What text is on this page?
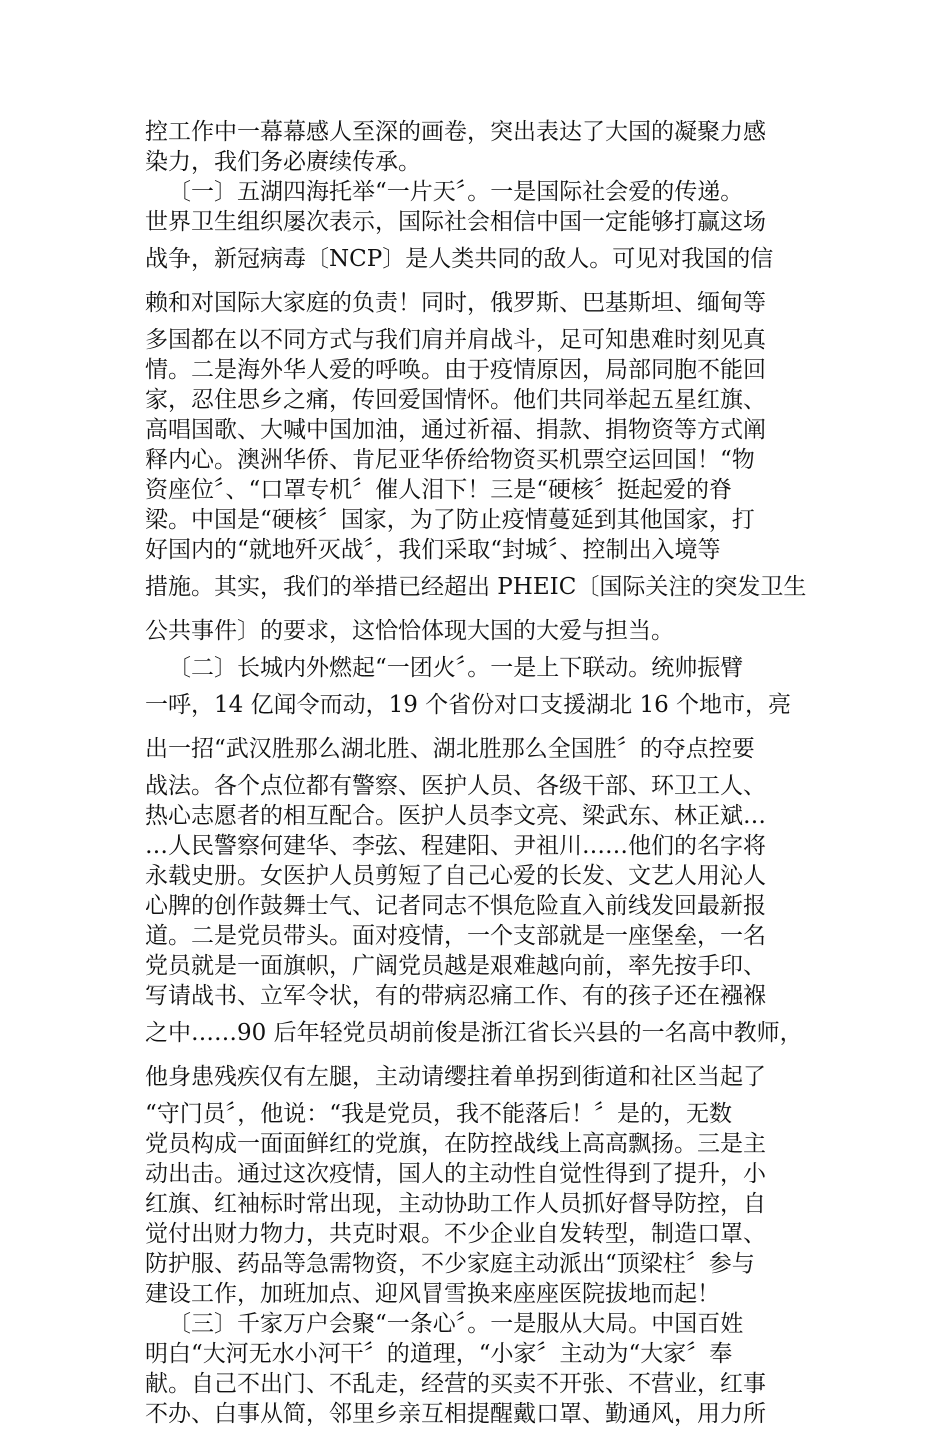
控工作中一幕幕感人至深的画卷，突出表达了大国的凝聚力感
染力，我们务必赓续传承。
〔一〕五湖四海托举“一片天〞。一是国际社会爱的传递。
世界卫生组织屡次表示，国际社会相信中国一定能够打赢这场
战争，新冠病毒〔NCP〕是人类共同的敌人。可见对我国的信
赖和对国际大家庭的负责！同时，俄罗斯、巴基斯坦、缅甸等
多国都在以不同方式与我们肩并肩战斗，足可知患难时刻见真
情。二是海外华人爱的呼唤。由于疫情原因，局部同胞不能回
家，忍住思乡之痛，传回爱国情怀。他们共同举起五星红旗、
高唱国歌、大喊中国加油，通过祈福、捐款、捐物资等方式阐
释内心。澳洲华侨、肯尼亚华侨给物资买机票空运回国！“物
资座位〞、“口罩专机〞催人泪下！三是“硬核〞挺起爱的脊
梁。中国是“硬核〞国家，为了防止疫情蔓延到其他国家，打
好国内的“就地歼灭战〞，我们采取“封城〞、控制出入境等
措施。其实，我们的举措已经超出 PHEIC〔国际关注的突发卫生
公共事件〕的要求，这恰恰体现大国的大爱与担当。
〔二〕长城内外燃起“一团火〞。一是上下联动。统帅振臂
一呼，14 亿闻令而动，19 个省份对口支援湖北 16 个地市，亮
出一招“武汉胜那么湖北胜、湖北胜那么全国胜〞的夺点控要
战法。各个点位都有警察、医护人员、各级干部、环卫工人、
热心志愿者的相互配合。医护人员李文亮、梁武东、林正斌…
…人民警察何建华、李弦、程建阳、尹祖川……他们的名字将
永载史册。女医护人员剪短了自己心爱的长发、文艺人用沁人
心脾的创作鼓舞士气、记者同志不惧危险直入前线发回最新报
道。二是党员带头。面对疫情，一个支部就是一座堡垒，一名
党员就是一面旗帜，广阔党员越是艰难越向前，率先按手印、
写请战书、立军令状，有的带病忍痛工作、有的孩子还在襁褓
之中……90 后年轻党员胡前俊是浙江省长兴县的一名高中教师，
他身患残疾仅有左腿，主动请缨拄着单拐到街道和社区当起了
“守门员〞，他说：“我是党员，我不能落后！〞是的，无数
党员构成一面面鲜红的党旗，在防控战线上高高飘扬。三是主
动出击。通过这次疫情，国人的主动性自觉性得到了提升，小
红旗、红袖标时常出现，主动协助工作人员抓好督导防控，自
觉付出财力物力，共克时艰。不少企业自发转型，制造口罩、
防护服、药品等急需物资，不少家庭主动派出“顶梁柱〞参与
建设工作，加班加点、迎风冒雪换来座座医院拔地而起！
〔三〕千家万户会聚“一条心〞。一是服从大局。中国百姓
明白“大河无水小河干〞的道理，“小家〞主动为“大家〞奉
献。自己不出门、不乱走，经营的买卖不开张、不营业，红事
不办、白事从简，邻里乡亲互相提醒戴口罩、勤通风，用力所
